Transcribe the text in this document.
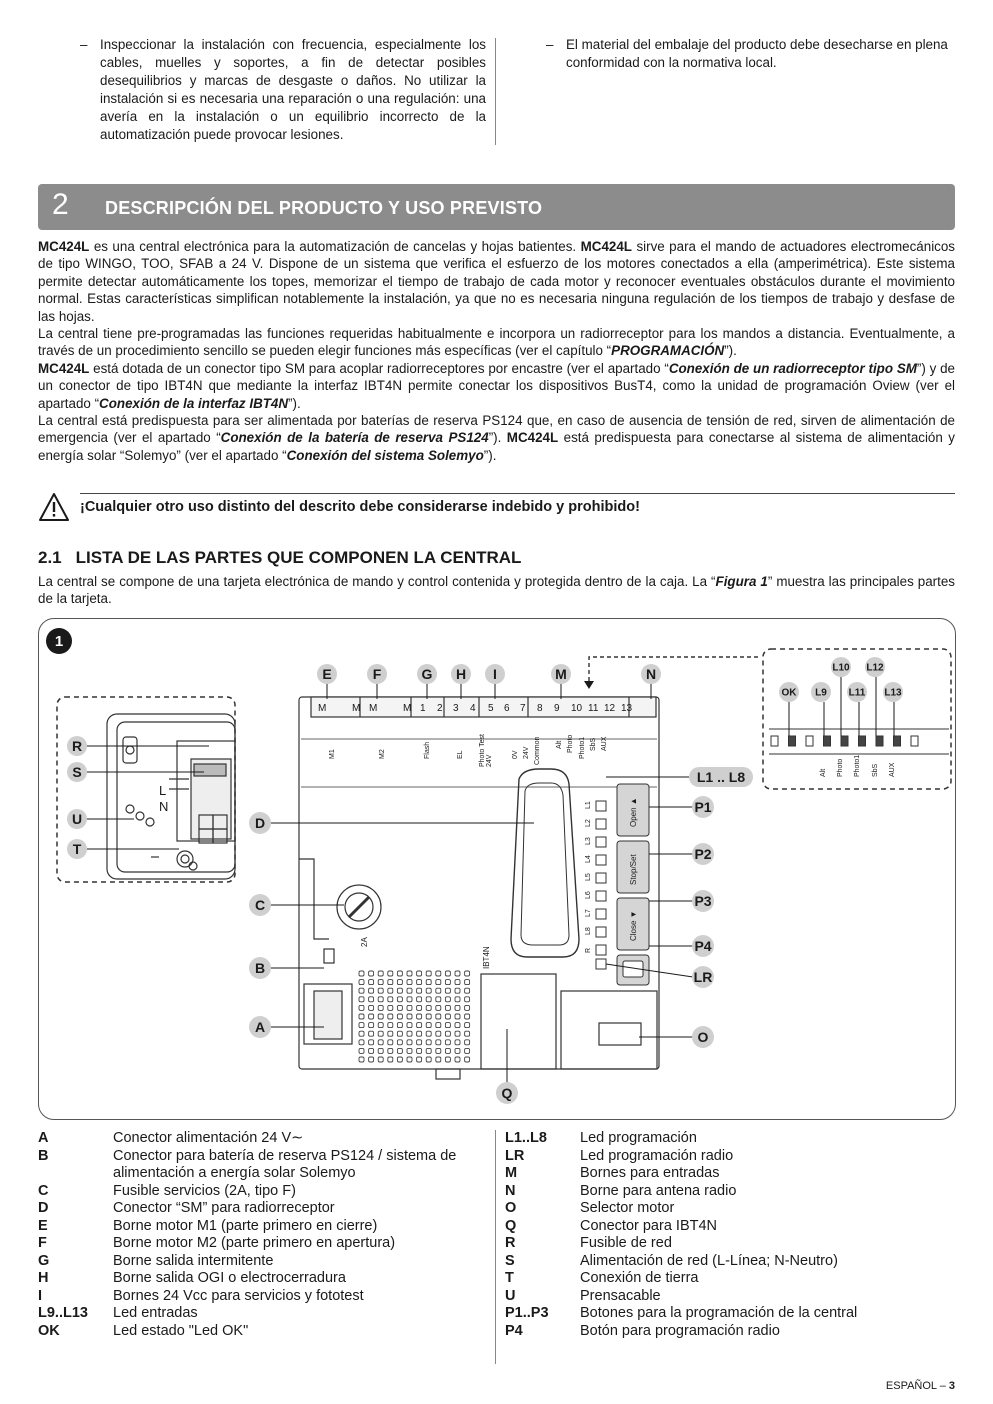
– Inspeccionar la instalación con frecuencia, especialmente los cables, muelles y soportes, a fin de detectar posibles desequilibrios y marcas de desgaste o daños. No utilizar la instalación si es necesaria una reparación o una regulación: una avería en la instalación o un equilibrio incorrecto de la automatización puede provocar lesiones.
– El material del embalaje del producto debe desecharse en plena conformidad con la normativa local.
2 DESCRIPCIÓN DEL PRODUCTO Y USO PREVISTO
MC424L es una central electrónica para la automatización de cancelas y hojas batientes. MC424L sirve para el mando de actuadores electromecánicos de tipo WINGO, TOO, SFAB a 24 V. Dispone de un sistema que verifica el esfuerzo de los motores conectados a ella (amperimétrica). Este sistema permite detectar automáticamente los topes, memorizar el tiempo de trabajo de cada motor y reconocer eventuales obstáculos durante el movimiento normal. Estas características simplifican notablemente la instalación, ya que no es necesaria ninguna regulación de los tiempos de trabajo y desfase de las hojas.
La central tiene pre-programadas las funciones requeridas habitualmente e incorpora un radiorreceptor para los mandos a distancia. Eventualmente, a través de un procedimiento sencillo se pueden elegir funciones más específicas (ver el capítulo “PROGRAMACIÓN”).
MC424L está dotada de un conector tipo SM para acoplar radiorreceptores por encastre (ver el apartado “Conexión de un radiorreceptor tipo SM”) y de un conector de tipo IBT4N que mediante la interfaz IBT4N permite conectar los dispositivos BusT4, como la unidad de programación Oview (ver el apartado “Conexión de la interfaz IBT4N”).
La central está predispuesta para ser alimentada por baterías de reserva PS124 que, en caso de ausencia de tensión de red, sirven de alimentación de emergencia (ver el apartado “Conexión de la batería de reserva PS124”). MC424L está predispuesta para conectarse al sistema de alimentación y energía solar “Solemyo” (ver el apartado “Conexión del sistema Solemyo”).
¡Cualquier otro uso distinto del descrito debe considerarse indebido y prohibido!
2.1 LISTA DE LAS PARTES QUE COMPONEN LA CENTRAL
La central se compone de una tarjeta electrónica de mando y control contenida y protegida dentro de la caja. La “Figura 1” muestra las principales partes de la tarjeta.
1
L
N
R
S
U
T
2A
IBT4N
M	M M	M 1 2 3 4 5 6 7 8 9 10 11 12 13
Flash	EL Photo Test 24V	0V 24V Common Alt Photo Photo1 SbS AUX
M1	M2
L1
L2
L3
L4
L5
L6
L7
L8
R
Open ▲
Stop/Set
Close ▼
E	F	G H I	M	N
OK L9
L10
L11
L12
L13
Alt Photo Photo1 SbS AUX
L1 .. L8
P1
P2
P3
P4
LR
O
Q
D
C
B
A
A	Conector alimentación 24 V∼
B	Conector para batería de reserva PS124 / sistema de alimentación a energía solar Solemyo
C	Fusible servicios (2A, tipo F)
D	Conector “SM” para radiorreceptor
E	Borne motor M1 (parte primero en cierre)
F	Borne motor M2 (parte primero en apertura)
G	Borne salida intermitente
H	Borne salida OGI o electrocerradura
I	Bornes 24 Vcc para servicios y fototest
L9..L13	Led entradas
OK	Led estado "Led OK"
L1..L8	Led programación
LR	Led programación radio
M	Bornes para entradas
N	Borne para antena radio
O	Selector motor
Q	Conector para IBT4N
R	Fusible de red
S	Alimentación de red (L-Línea; N-Neutro)
T	Conexión de tierra
U	Prensacable
P1..P3	Botones para la programación de la central
P4	Botón para programación radio
ESPAÑOL – 3
